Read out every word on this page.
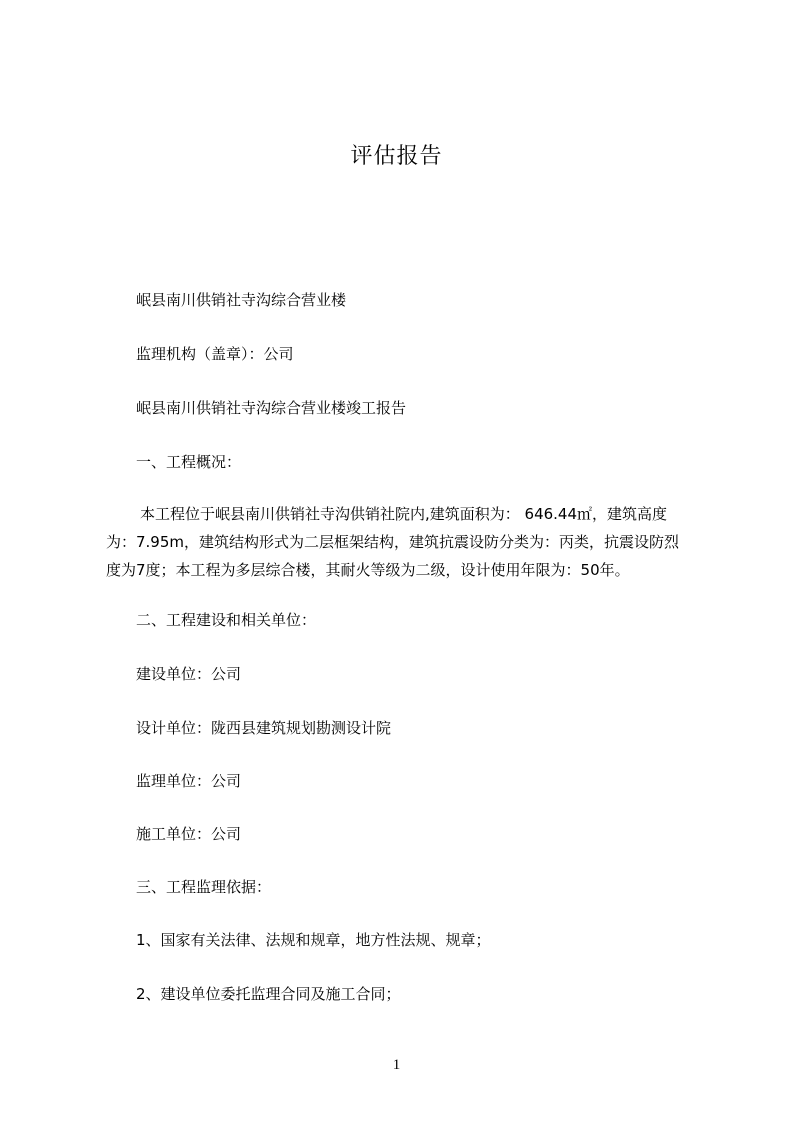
评估报告
岷县南川供销社寺沟综合营业楼
监理机构（盖章）：公司
岷县南川供销社寺沟综合营业楼竣工报告
一、工程概况：
本工程位于岷县南川供销社寺沟供销社院内,建筑面积为： 646.44㎡，建筑高度
为：7.95m，建筑结构形式为二层框架结构，建筑抗震设防分类为：丙类，抗震设防烈
度为7度；本工程为多层综合楼，其耐火等级为二级，设计使用年限为：50年。
二、工程建设和相关单位：
建设单位：公司
设计单位：陇西县建筑规划勘测设计院
监理单位：公司
施工单位：公司
三、工程监理依据：
1、国家有关法律、法规和规章，地方性法规、规章；
2、建设单位委托监理合同及施工合同；
1
